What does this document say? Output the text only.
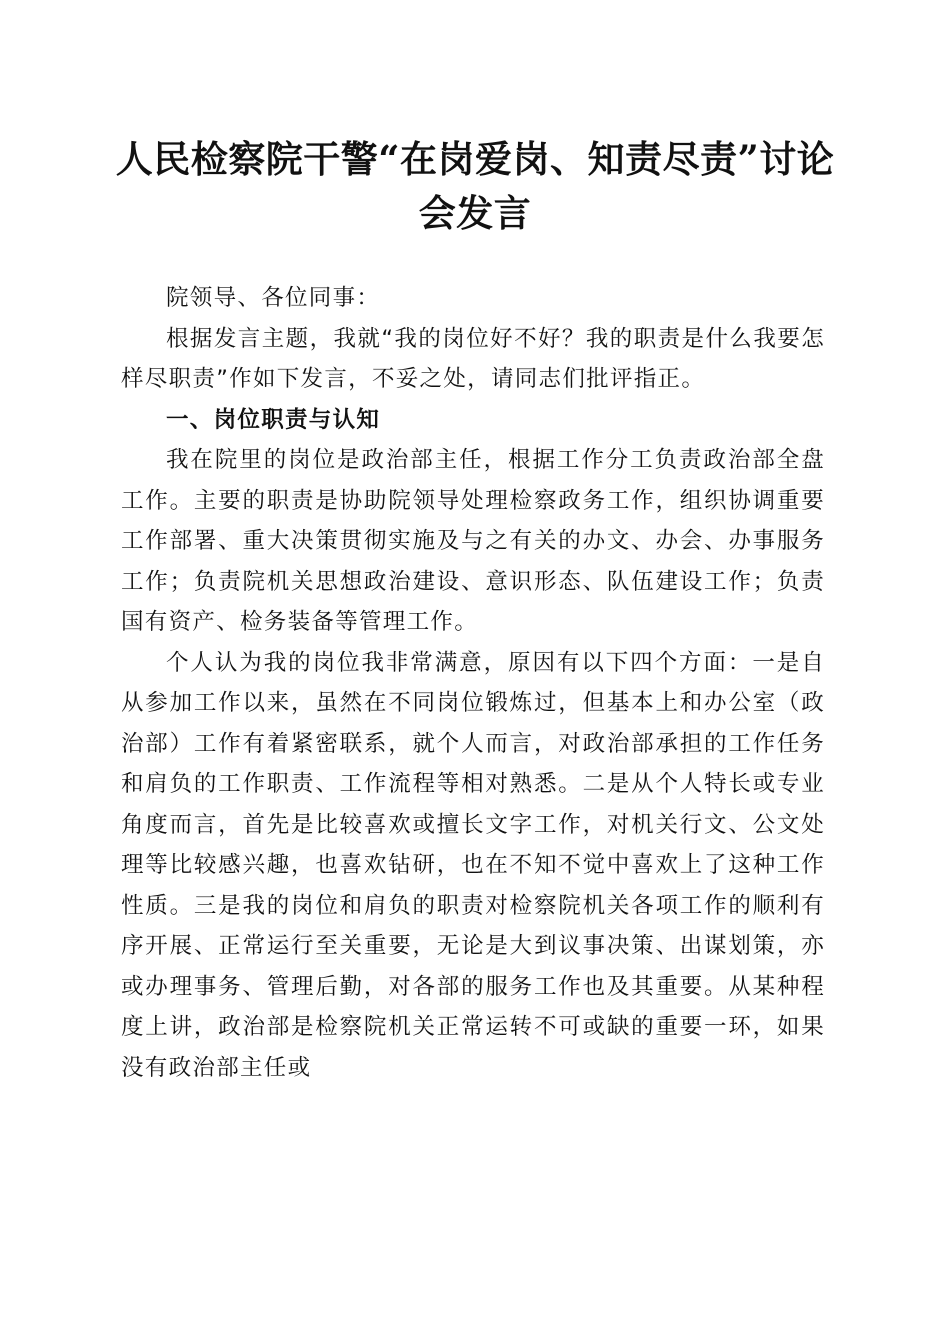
人民检察院干警“在岗爱岗、知责尽责”讨论会发言

院领导、各位同事：

根据发言主题，我就“我的岗位好不好？我的职责是什么我要怎样尽职责”作如下发言，不妥之处，请同志们批评指正。

一、岗位职责与认知

我在院里的岗位是政治部主任，根据工作分工负责政治部全盘工作。主要的职责是协助院领导处理检察政务工作，组织协调重要工作部署、重大决策贯彻实施及与之有关的办文、办会、办事服务工作；负责院机关思想政治建设、意识形态、队伍建设工作；负责国有资产、检务装备等管理工作。

个人认为我的岗位我非常满意，原因有以下四个方面：一是自从参加工作以来，虽然在不同岗位锻炼过，但基本上和办公室（政治部）工作有着紧密联系，就个人而言，对政治部承担的工作任务和肩负的工作职责、工作流程等相对熟悉。二是从个人特长或专业角度而言，首先是比较喜欢或擅长文字工作，对机关行文、公文处理等比较感兴趣，也喜欢钻研，也在不知不觉中喜欢上了这种工作性质。三是我的岗位和肩负的职责对检察院机关各项工作的顺利有序开展、正常运行至关重要，无论是大到议事决策、出谋划策，亦或办理事务、管理后勤，对各部的服务工作也及其重要。从某种程度上讲，政治部是检察院机关正常运转不可或缺的重要一环，如果没有政治部主任或
